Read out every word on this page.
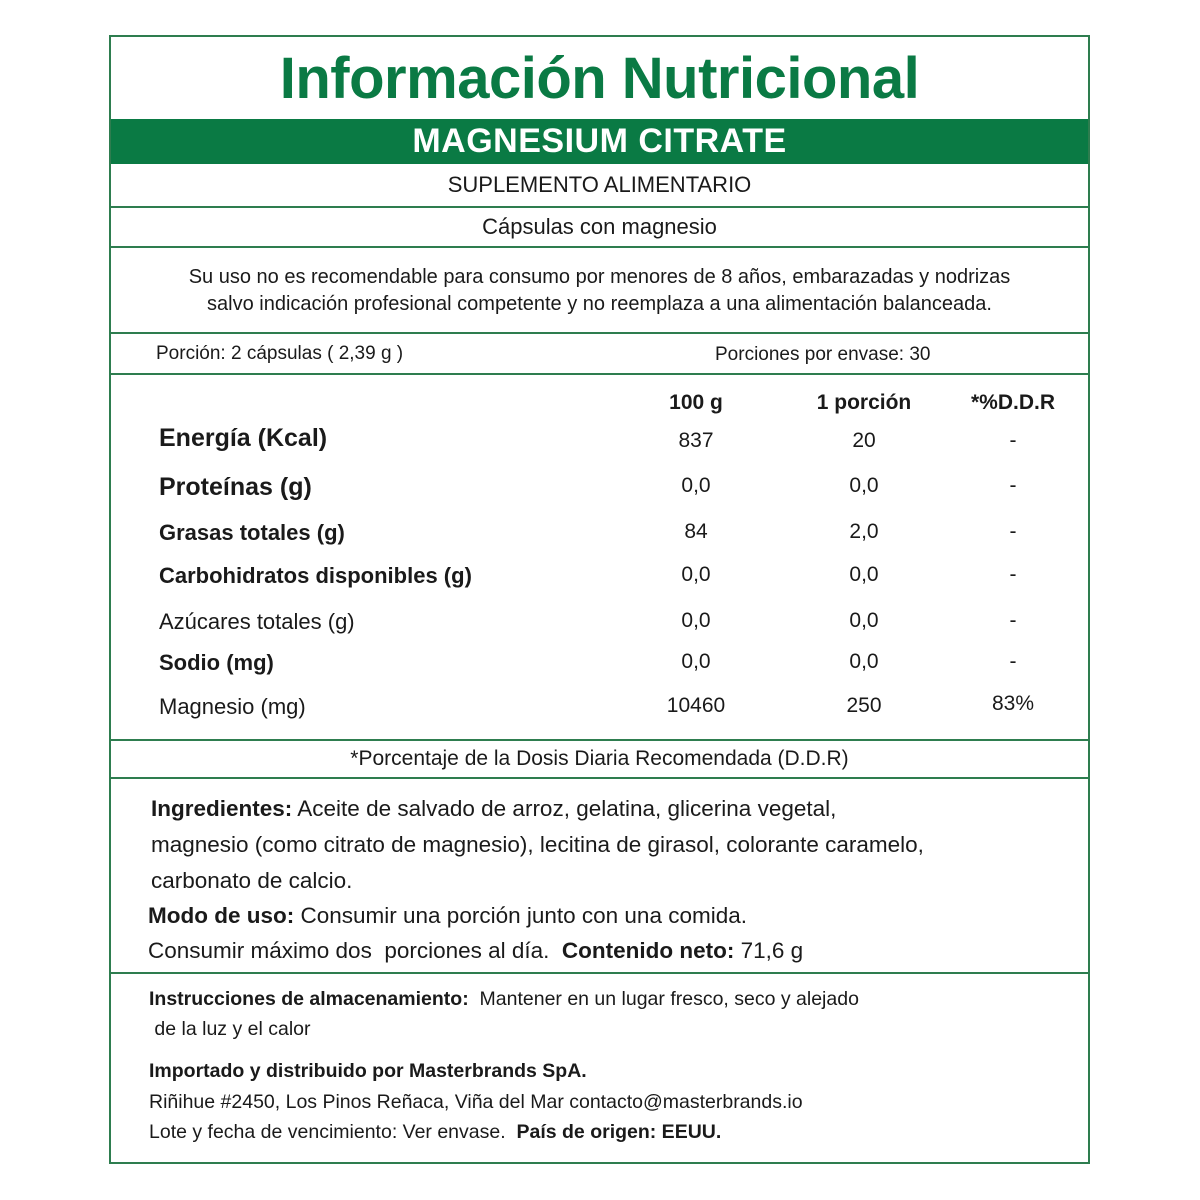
Información Nutricional
MAGNESIUM CITRATE
SUPLEMENTO ALIMENTARIO
Cápsulas con magnesio
Su uso no es recomendable para consumo por menores de 8 años, embarazadas y nodrizas
salvo indicación profesional competente y no reemplaza a una alimentación balanceada.
Porción: 2 cápsulas ( 2,39 g )	Porciones por envase: 30
100 g	1 porción	*%D.D.R
Energía (Kcal)	837	20	-
Proteínas (g)	0,0	0,0	-
Grasas totales (g)	84	2,0	-
Carbohidratos disponibles (g)	0,0	0,0	-
Azúcares totales (g)	0,0	0,0	-
Sodio (mg)	0,0	0,0	-
Magnesio (mg)	10460	250	83%
*Porcentaje de la Dosis Diaria Recomendada (D.D.R)
Ingredientes: Aceite de salvado de arroz, gelatina, glicerina vegetal,
magnesio (como citrato de magnesio), lecitina de girasol, colorante caramelo,
carbonato de calcio.
Modo de uso: Consumir una porción junto con una comida.
Consumir máximo dos  porciones al día.  Contenido neto: 71,6 g
Instrucciones de almacenamiento:  Mantener en un lugar fresco, seco y alejado
de la luz y el calor
Importado y distribuido por Masterbrands SpA.
Riñihue #2450, Los Pinos Reñaca, Viña del Mar contacto@masterbrands.io
Lote y fecha de vencimiento: Ver envase.  País de origen: EEUU.
